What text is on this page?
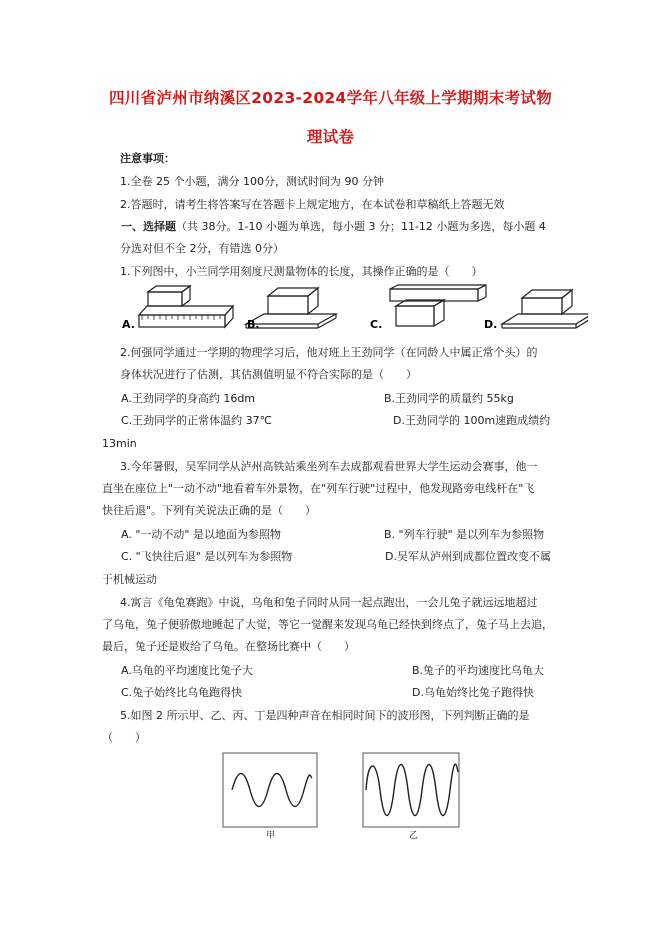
四川省泸州市纳溪区2023-2024学年八年级上学期期末考试物
理试卷
注意事项：
1.全卷 25 个小题，满分 100分，测试时间为 90 分钟
2.答题时，请考生将答案写在答题卡上规定地方，在本试卷和草稿纸上答题无效
一、选择题（共 38分。1-10 小题为单选，每小题 3 分；11-12 小题为多选，每小题 4
分选对但不全 2分，有错选 0分）
1.下列图中，小兰同学用刻度尺测量物体的长度，其操作正确的是（　　）
A.	B.	C.	D.
2.何强同学通过一学期的物理学习后，他对班上王劲同学（在同龄人中属正常个头）的
身体状况进行了估测，其估测值明显不符合实际的是（　　）
A.王劲同学的身高约 16dm	B.王劲同学的质量约 55kg
C.王劲同学的正常体温约 37℃	D.王劲同学的 100m速跑成绩约
13min
3.今年暑假，吴军同学从泸州高铁站乘坐列车去成都观看世界大学生运动会赛事，他一
直坐在座位上"一动不动"地看着车外景物，在"列车行驶"过程中，他发现路旁电线杆在"飞
快往后退"。下列有关说法正确的是（　　）
A. "一动不动" 是以地面为参照物	B. "列车行驶" 是以列车为参照物
C. "飞快往后退" 是以列车为参照物	D.吴军从泸州到成都位置改变不属
于机械运动
4.寓言《龟兔赛跑》中说，乌龟和兔子同时从同一起点跑出，一会儿兔子就远远地超过
了乌龟，兔子便骄傲地睡起了大觉，等它一觉醒来发现乌龟已经快到终点了，兔子马上去追，
最后，兔子还是败给了乌龟。在整场比赛中（　　）
A.乌龟的平均速度比兔子大	B.兔子的平均速度比乌龟大
C.兔子始终比乌龟跑得快	D.乌龟始终比兔子跑得快
5.如图 2 所示甲、乙、丙、丁是四种声音在相同时间下的波形图，下列判断正确的是
（　　）
甲	乙
